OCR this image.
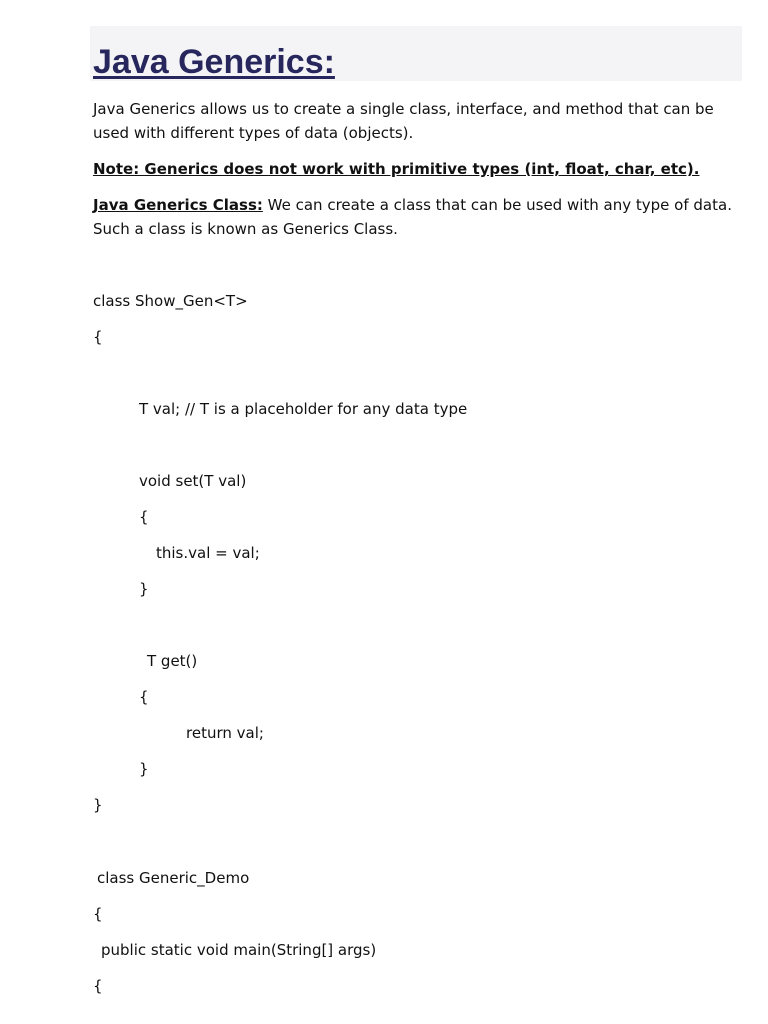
Java Generics:

Java Generics allows us to create a single class, interface, and method that can be used with different types of data (objects).

Note: Generics does not work with primitive types (int, float, char, etc).

Java Generics Class: We can create a class that can be used with any type of data. Such a class is known as Generics Class.

class Show_Gen<T>
{
T val; // T is a placeholder for any data type
void set(T val)
{
this.val = val;
}
T get()
{
return val;
}
}
class Generic_Demo
{
public static void main(String[] args)
{
